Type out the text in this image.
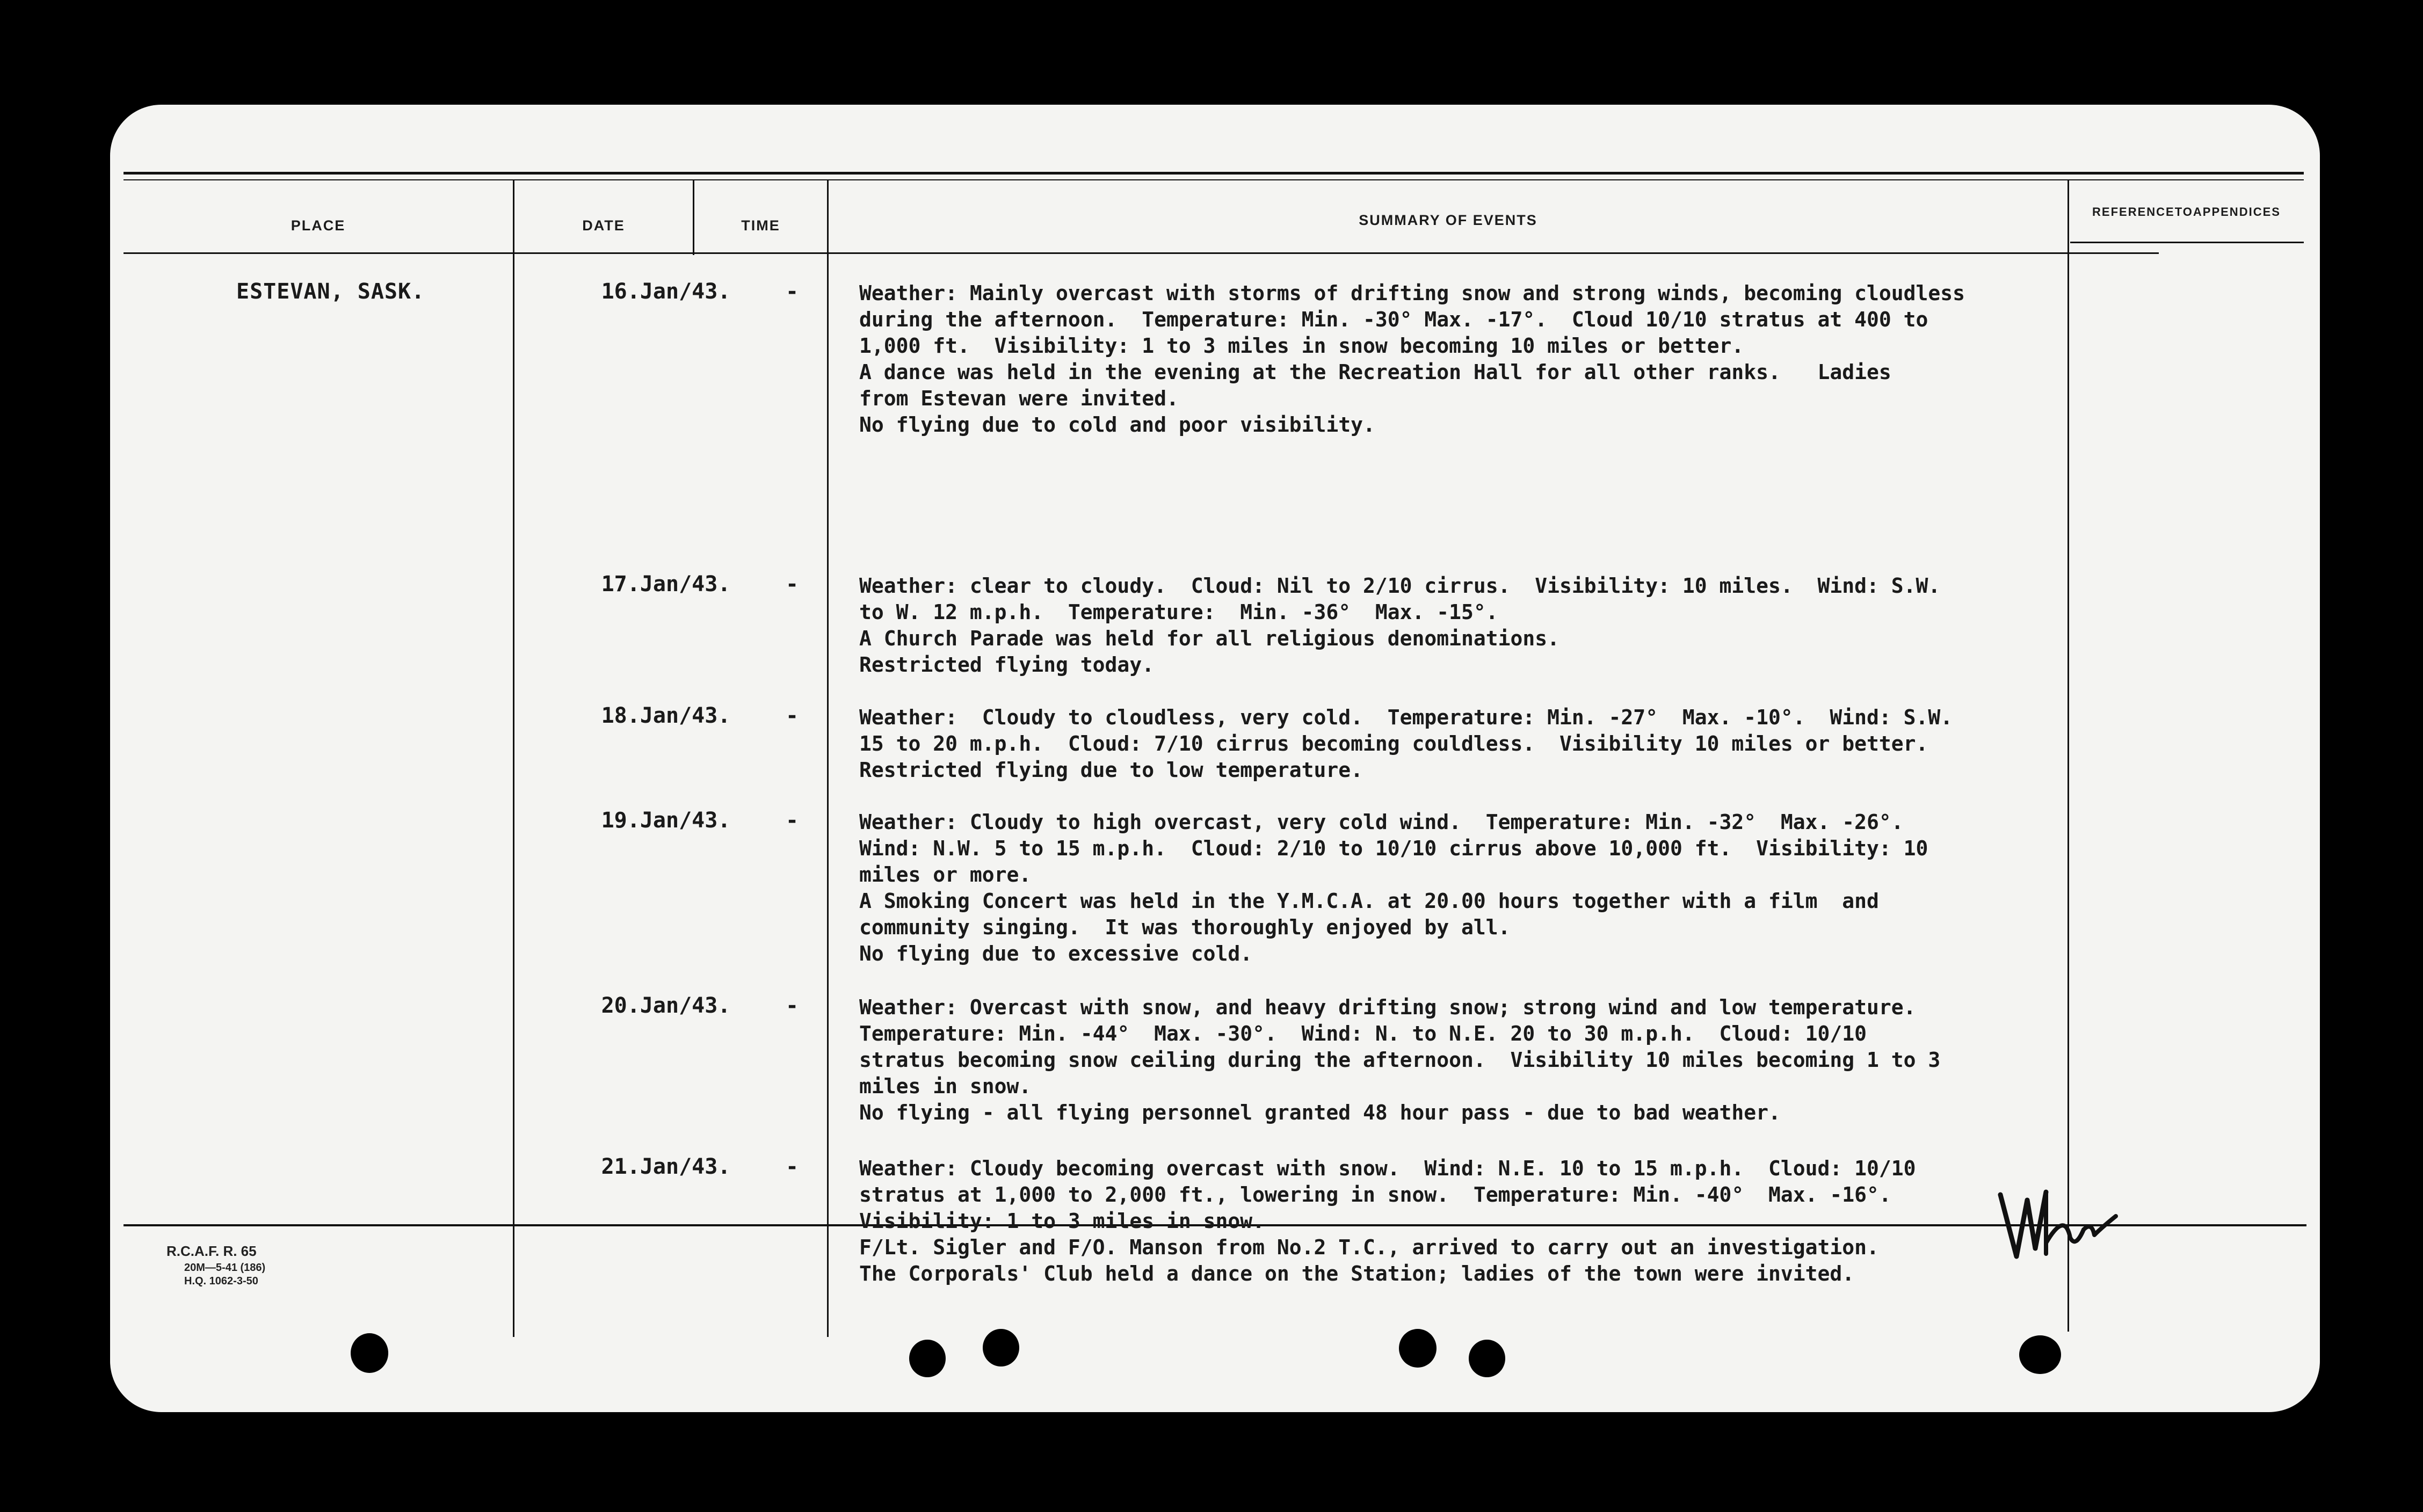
PLACE	DATE	TIME	SUMMARY OF EVENTS	REFERENCE TO APPENDICES
ESTEVAN, SASK.	16.Jan/43.	-	Weather: Mainly overcast with storms of drifting snow and strong winds, becoming cloudless
during the afternoon.  Temperature: Min. -30° Max. -17°.  Cloud 10/10 stratus at 400 to
1,000 ft.  Visibility: 1 to 3 miles in snow becoming 10 miles or better.
A dance was held in the evening at the Recreation Hall for all other ranks.   Ladies
from Estevan were invited.
No flying due to cold and poor visibility.
17.Jan/43.	-	Weather: clear to cloudy.  Cloud: Nil to 2/10 cirrus.  Visibility: 10 miles.  Wind: S.W.
to W. 12 m.p.h.  Temperature:  Min. -36°  Max. -15°.
A Church Parade was held for all religious denominations.
Restricted flying today.
18.Jan/43.	-	Weather:  Cloudy to cloudless, very cold.  Temperature: Min. -27°  Max. -10°.  Wind: S.W.
15 to 20 m.p.h.  Cloud: 7/10 cirrus becoming couldless.  Visibility 10 miles or better.
Restricted flying due to low temperature.
19.Jan/43.	-	Weather: Cloudy to high overcast, very cold wind.  Temperature: Min. -32°  Max. -26°.
Wind: N.W. 5 to 15 m.p.h.  Cloud: 2/10 to 10/10 cirrus above 10,000 ft.  Visibility: 10
miles or more.
A Smoking Concert was held in the Y.M.C.A. at 20.00 hours together with a film  and
community singing.  It was thoroughly enjoyed by all.
No flying due to excessive cold.
20.Jan/43.	-	Weather: Overcast with snow, and heavy drifting snow; strong wind and low temperature.
Temperature: Min. -44°  Max. -30°.  Wind: N. to N.E. 20 to 30 m.p.h.  Cloud: 10/10
stratus becoming snow ceiling during the afternoon.  Visibility 10 miles becoming 1 to 3
miles in snow.
No flying - all flying personnel granted 48 hour pass - due to bad weather.
21.Jan/43.	-	Weather: Cloudy becoming overcast with snow.  Wind: N.E. 10 to 15 m.p.h.  Cloud: 10/10
stratus at 1,000 to 2,000 ft., lowering in snow.  Temperature: Min. -40°  Max. -16°.
Visibility: 1 to 3 miles in snow.
F/Lt. Sigler and F/O. Manson from No.2 T.C., arrived to carry out an investigation.
The Corporals' Club held a dance on the Station; ladies of the town were invited.
R.C.A.F. R. 65
20M—5-41 (186)
H.Q. 1062-3-50
